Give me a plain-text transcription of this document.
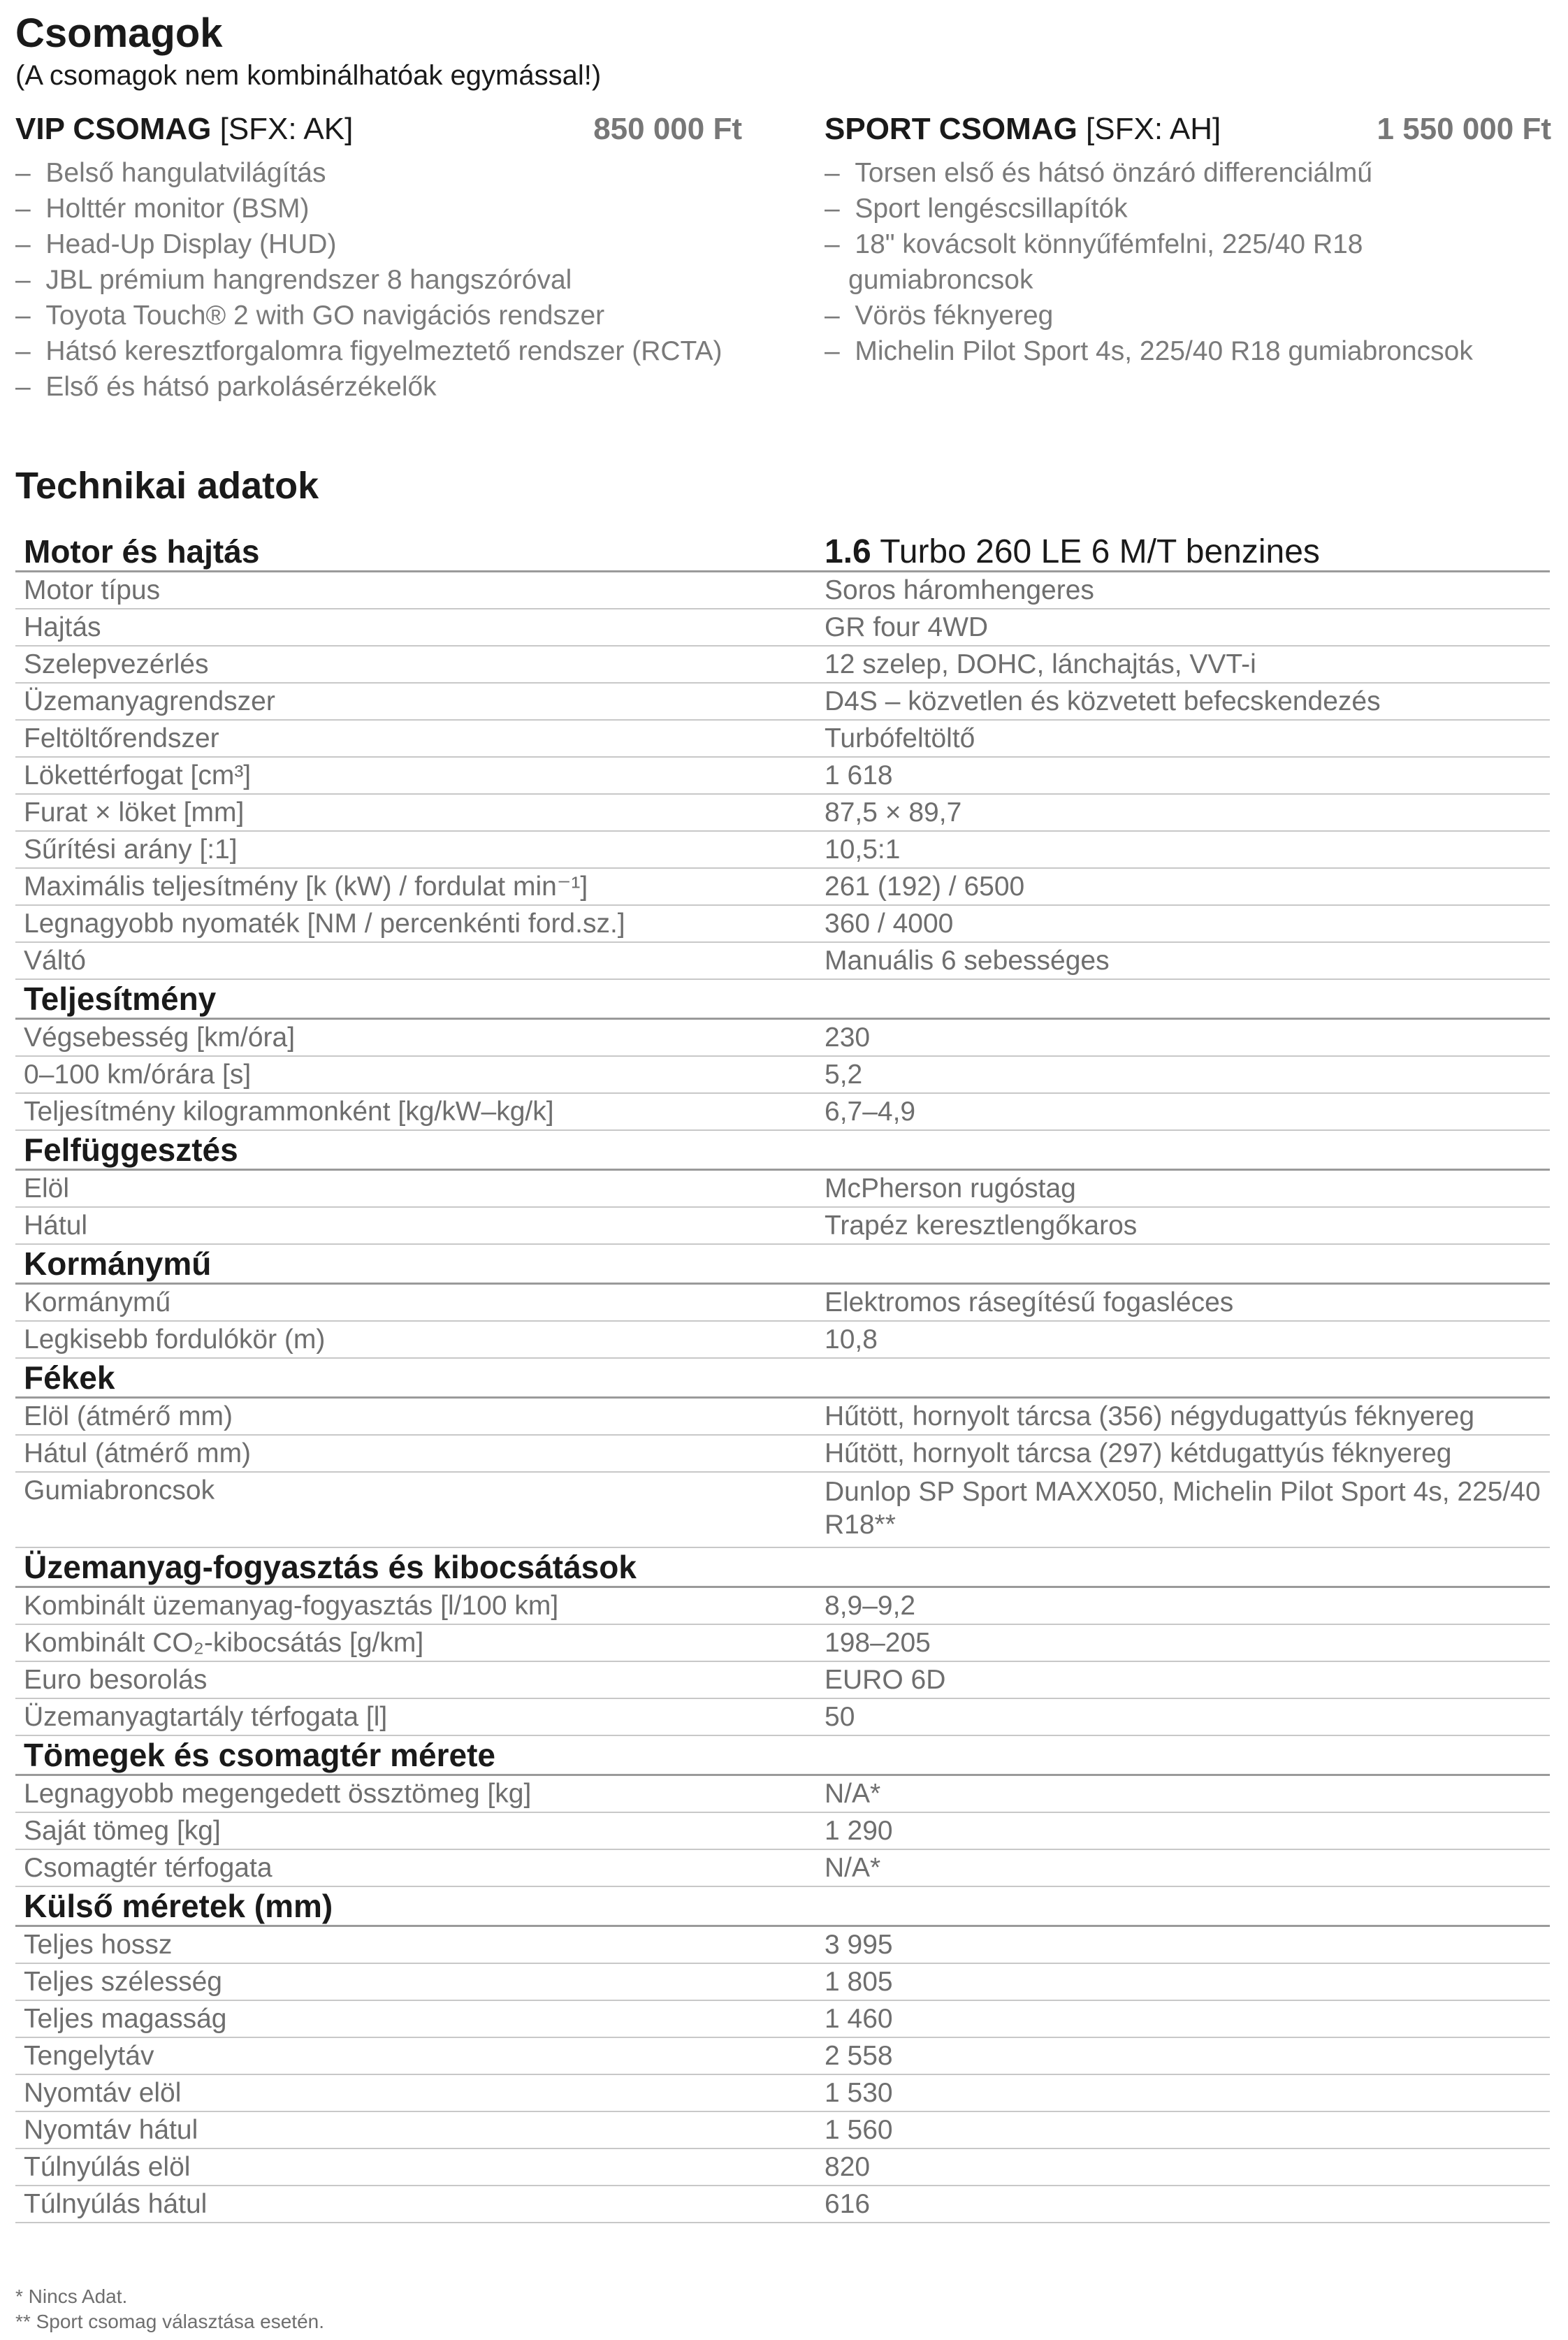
Csomagok
(A csomagok nem kombinálhatóak egymással!)
VIP CSOMAG [SFX: AK]	850 000 Ft
–  Belső hangulatvilágítás
–  Holttér monitor (BSM)
–  Head-Up Display (HUD)
–  JBL prémium hangrendszer 8 hangszóróval
–  Toyota Touch® 2 with GO navigációs rendszer
–  Hátsó keresztforgalomra figyelmeztető rendszer (RCTA)
–  Első és hátsó parkolásérzékelők
SPORT CSOMAG [SFX: AH]	1 550 000 Ft
–  Torsen első és hátsó önzáró differenciálmű
–  Sport lengéscsillapítók
–  18" kovácsolt könnyűfémfelni, 225/40 R18 gumiabroncsok
–  Vörös féknyereg
–  Michelin Pilot Sport 4s, 225/40 R18 gumiabroncsok
Technikai adatok
Motor és hajtás	1.6 Turbo 260 LE 6 M/T benzines
Motor típus	Soros háromhengeres
Hajtás	GR four 4WD
Szelepvezérlés	12 szelep, DOHC, lánchajtás, VVT-i
Üzemanyagrendszer	D4S – közvetlen és közvetett befecskendezés
Feltöltőrendszer	Turbófeltöltő
Lökettérfogat [cm³]	1 618
Furat × löket [mm]	87,5 × 89,7
Sűrítési arány [:1]	10,5:1
Maximális teljesítmény [k (kW) / fordulat min⁻¹]	261 (192) / 6500
Legnagyobb nyomaték [NM / percenkénti ford.sz.]	360 / 4000
Váltó	Manuális 6 sebességes
Teljesítmény
Végsebesség [km/óra]	230
0–100 km/órára [s]	5,2
Teljesítmény kilogrammonként [kg/kW–kg/k]	6,7–4,9
Felfüggesztés
Elöl	McPherson rugóstag
Hátul	Trapéz keresztlengőkaros
Kormánymű
Kormánymű	Elektromos rásegítésű fogasléces
Legkisebb fordulókör (m)	10,8
Fékek
Elöl (átmérő mm)	Hűtött, hornyolt tárcsa (356) négydugattyús féknyereg
Hátul (átmérő mm)	Hűtött, hornyolt tárcsa (297) kétdugattyús féknyereg
Gumiabroncsok	Dunlop SP Sport MAXX050, Michelin Pilot Sport 4s, 225/40 R18**
Üzemanyag-fogyasztás és kibocsátások
Kombinált üzemanyag-fogyasztás [l/100 km]	8,9–9,2
Kombinált CO₂-kibocsátás [g/km]	198–205
Euro besorolás	EURO 6D
Üzemanyagtartály térfogata [l]	50
Tömegek és csomagtér mérete
Legnagyobb megengedett össztömeg [kg]	N/A*
Saját tömeg [kg]	1 290
Csomagtér térfogata	N/A*
Külső méretek (mm)
Teljes hossz	3 995
Teljes szélesség	1 805
Teljes magasság	1 460
Tengelytáv	2 558
Nyomtáv elöl	1 530
Nyomtáv hátul	1 560
Túlnyúlás elöl	820
Túlnyúlás hátul	616
* Nincs Adat.
** Sport csomag választása esetén.
